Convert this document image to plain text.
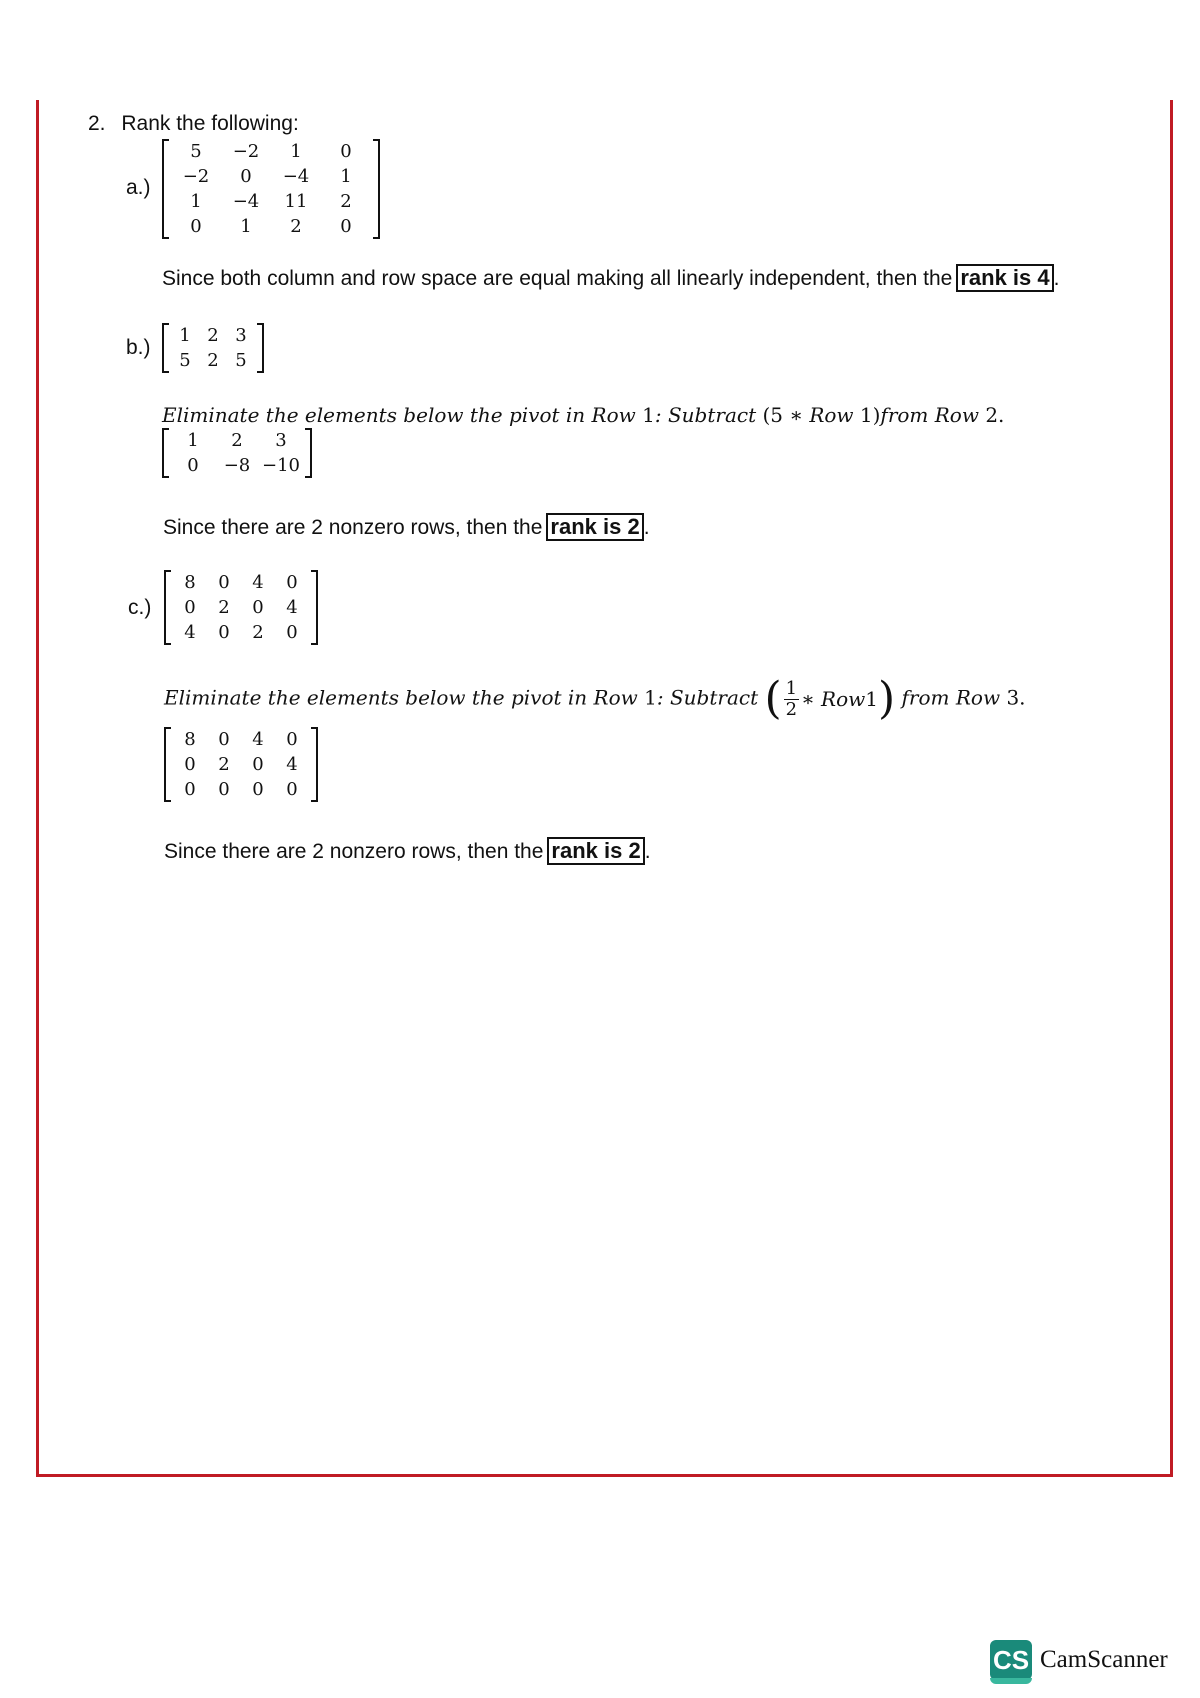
2. Rank the following:
a.)
5	−2	1	0
−2	0	−4	1
1	−4	11	2
0	1	2	0
Since both column and row space are equal making all linearly independent, then the rank is 4 .
b.)
1 2 3
5 2 5
Eliminate the elements below the pivot in Row 1: Subtract (5 ∗ Row 1)from Row 2.
1	2	3
0	−8 −10
Since there are 2 nonzero rows, then the rank is 2 .
c.)
8	0	4	0
0	2	0	4
4	0	2	0
Eliminate the elements below the pivot in Row 1: Subtract ( $\frac{1}{2}$ ∗ Row 1 ) from Row 3.
8	0	4	0
0	2	0	4
0	0	0	0
Since there are 2 nonzero rows, then the rank is 2 .
CS CamScanner
